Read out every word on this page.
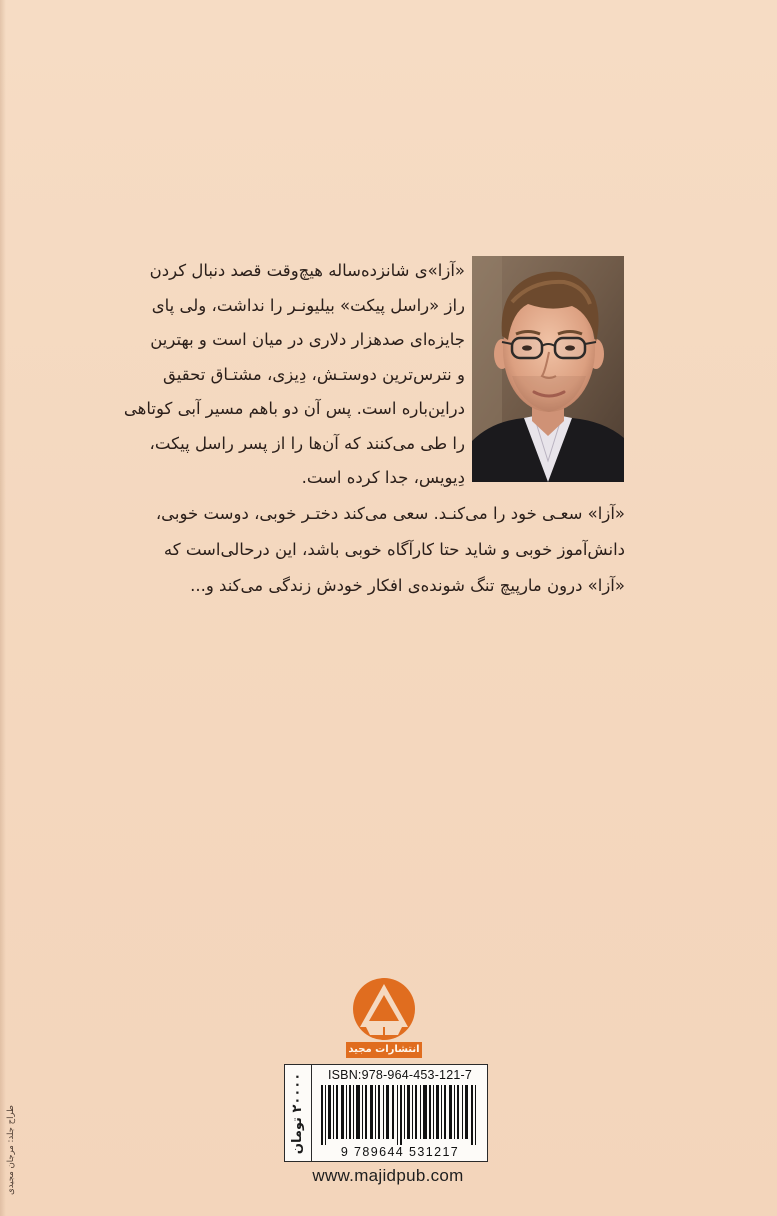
«آزا»ی شانزده‌ساله هیچ‌وقت قصد دنبال کردن
راز «راسل پیکت» بیلیونـر را نداشت، ولی پای
جایزه‌ای صدهزار دلاری در میان است و بهترین
و نترس‌ترین دوستـش، دِیزی، مشتـاق تحقیق
دراین‌باره است. پس آن دو باهم مسیر آبی کوتاهی
را طی می‌کنند که آن‌ها را از پسر راسل پیکت،
دِیویس، جدا کرده است.
«آزا» سعـی خود را می‌کنـد. سعی می‌کند دختـر خوبی، دوست خوبی،
دانش‌آموز خوبی و شاید حتا کارآگاه خوبی باشد، این درحالی‌است که
«آزا» درون مارپیچ تنگ شونده‌ی افکار خودش زندگی می‌کند و...
انتشارات مجید
۲۰۰۰۰ تومان	ISBN:978-964-453-121-7
9 789644 531217
www.majidpub.com
طراح جلد: مرجان مجیدی
